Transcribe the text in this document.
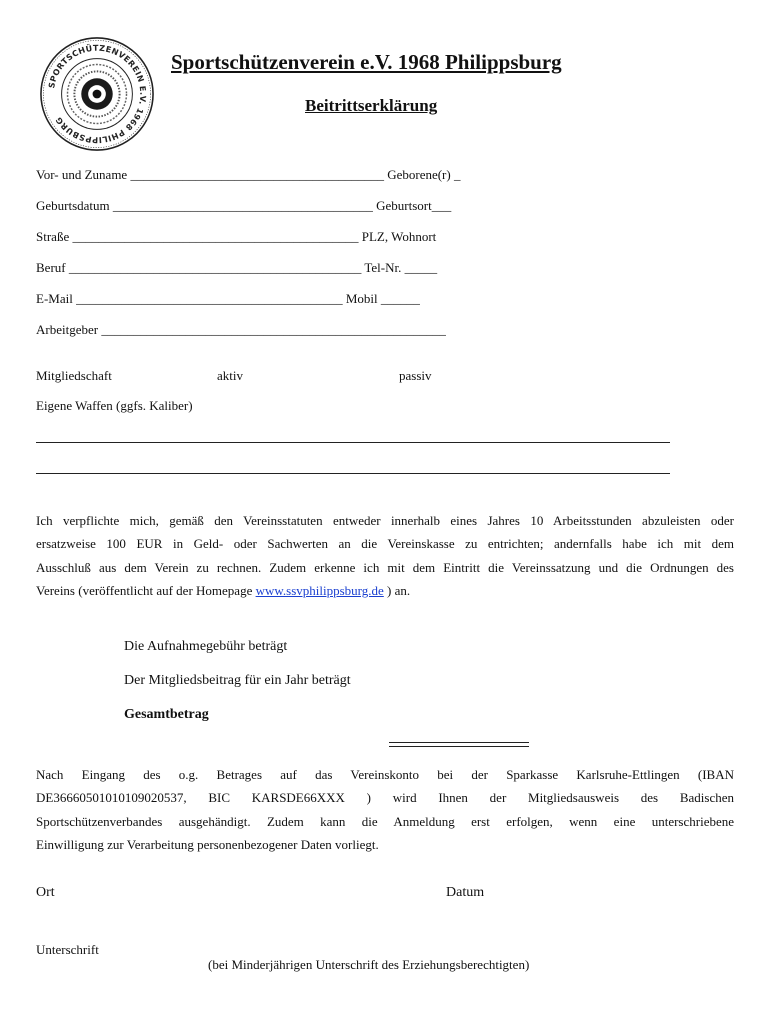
SPORTSCHÜTZENVEREIN E.V. 1968 PHILIPPSBURG
Sportschützenverein e.V. 1968 Philippsburg
Beitrittserklärung
Vor- und Zuname _______________________________________ Geborene(r) _
Geburtsdatum ________________________________________ Geburtsort___
Straße ____________________________________________ PLZ, Wohnort
Beruf _____________________________________________ Tel-Nr. _____
E-Mail _________________________________________ Mobil ______
Arbeitgeber _____________________________________________________
Mitgliedschaft	aktiv	passiv
Eigene Waffen (ggfs. Kaliber)
Ich verpflichte mich, gemäß den Vereinsstatuten entweder innerhalb eines Jahres 10 Arbeitsstunden abzuleisten oder
ersatzweise 100 EUR in Geld- oder Sachwerten an die Vereinskasse zu entrichten; andernfalls habe ich mit dem
Ausschluß aus dem Verein zu rechnen. Zudem erkenne ich mit dem Eintritt die Vereinssatzung und die Ordnungen des
Vereins (veröffentlicht auf der Homepage www.ssvphilippsburg.de ) an.
Die Aufnahmegebühr beträgt
Der Mitgliedsbeitrag für ein Jahr beträgt
Gesamtbetrag
Nach Eingang des o.g. Betrages auf das Vereinskonto bei der Sparkasse Karlsruhe-Ettlingen (IBAN
DE36660501010109020537, BIC KARSDE66XXX ) wird Ihnen der Mitgliedsausweis des Badischen
Sportschützenverbandes ausgehändigt. Zudem kann die Anmeldung erst erfolgen, wenn eine unterschriebene
Einwilligung zur Verarbeitung personenbezogener Daten vorliegt.
Ort	Datum
Unterschrift
(bei Minderjährigen Unterschrift des Erziehungsberechtigten)
